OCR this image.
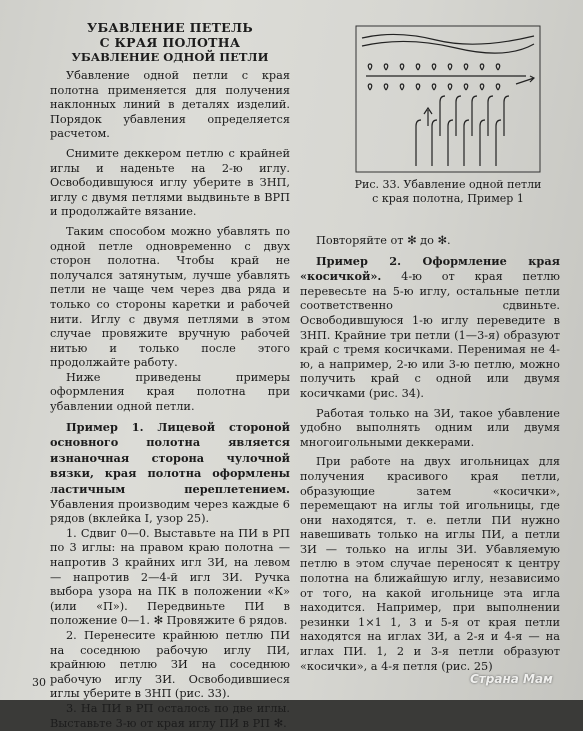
УБАВЛЕНИЕ ПЕТЕЛЬ

С КРАЯ ПОЛОТНА

УБАВЛЕНИЕ ОДНОЙ ПЕТЛИ

Убавление одной петли с края полотна применяется для получения наклонных линий в деталях изделий. Порядок убавления определяется расчетом.

Снимите деккером петлю с крайней иглы и наденьте на 2-ю иглу. Освободившуюся иглу уберите в ЗНП, иглу с двумя петлями выдвиньте в ВРП и продолжайте вязание.

Таким способом можно убавлять по одной петле одновременно с двух сторон полотна. Чтобы край не получался затянутым, лучше убавлять петли не чаще чем через два ряда и только со стороны каретки и рабочей нити. Иглу с двумя петлями в этом случае провяжите вручную рабочей нитью и только после этого продолжайте работу.

Ниже приведены примеры оформления края полотна при убавлении одной петли.

Пример 1. Лицевой стороной основного полотна является изнаночная сторона чулочной вязки, края полотна оформлены ластичным переплетением. Убавления производим через каждые 6 рядов (вклейка I, узор 25).

1. Сдвиг 0—0. Выставьте на ПИ в РП по 3 иглы: на правом краю полотна — напротив 3 крайних игл ЗИ, на левом — напротив 2—4-й игл ЗИ. Ручка выбора узора на ПК в положении «К» (или «П»). Передвиньте ПИ в положение 0—1. ✻ Провяжите 6 рядов.

2. Перенесите крайнюю петлю ПИ на соседнюю рабочую иглу ПИ, крайнюю петлю ЗИ на соседнюю рабочую иглу ЗИ. Освободившиеся иглы уберите в ЗНП (рис. 33).

3. На ПИ в РП осталось по две иглы. Выставьте 3-ю от края иглу ПИ в РП ✻.

Рис. 33. Убавление одной петли с края полотна, Пример 1

Повторяйте от ✻ до ✻.

Пример 2. Оформление края «косичкой». 4-ю от края петлю перевесьте на 5-ю иглу, остальные петли соответственно сдвиньте. Освободившуюся 1-ю иглу переведите в ЗНП. Крайние три петли (1—3-я) образуют край с тремя косичками. Перенимая не 4-ю, а например, 2-ю или 3-ю петлю, можно получить край с одной или двумя косичками (рис. 34).

Работая только на ЗИ, такое убавление удобно выполнять одним или двумя многоигольными деккерами.

При работе на двух игольницах для получения красивого края петли, образующие затем «косички», перемещают на иглы той игольницы, где они находятся, т. е. петли ПИ нужно навешивать только на иглы ПИ, а петли ЗИ — только на иглы ЗИ. Убавляемую петлю в этом случае переносят к центру полотна на ближайшую иглу, независимо от того, на какой игольнице эта игла находится. Например, при выполнении резинки 1×1 1, 3 и 5-я от края петли находятся на иглах ЗИ, а 2-я и 4-я — на иглах ПИ. 1, 2 и 3-я петли образуют «косички», а 4-я петля (рис. 25)

30	Страна Мам
